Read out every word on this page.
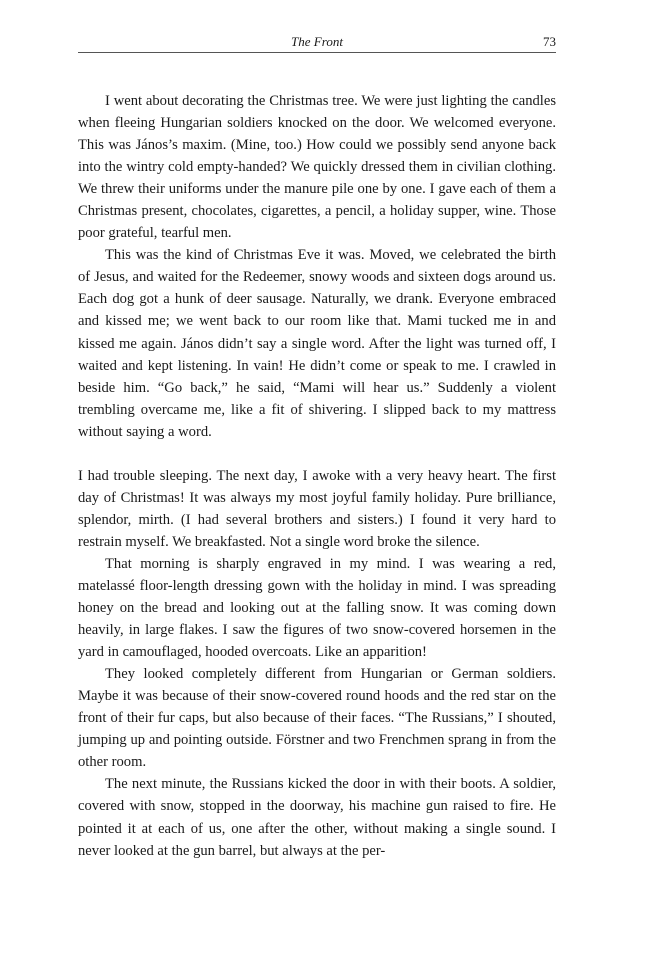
The Front	73

I went about decorating the Christmas tree. We were just lighting the candles when fleeing Hungarian soldiers knocked on the door. We welcomed everyone. This was János’s maxim. (Mine, too.) How could we possibly send anyone back into the wintry cold empty-handed? We quickly dressed them in civilian clothing. We threw their uniforms under the manure pile one by one. I gave each of them a Christmas present, chocolates, cigarettes, a pencil, a holiday supper, wine. Those poor grateful, tearful men.

This was the kind of Christmas Eve it was. Moved, we celebrated the birth of Jesus, and waited for the Redeemer, snowy woods and sixteen dogs around us. Each dog got a hunk of deer sausage. Naturally, we drank. Everyone embraced and kissed me; we went back to our room like that. Mami tucked me in and kissed me again. János didn’t say a single word. After the light was turned off, I waited and kept listening. In vain! He didn’t come or speak to me. I crawled in beside him. “Go back,” he said, “Mami will hear us.” Suddenly a violent trembling overcame me, like a fit of shivering. I slipped back to my mattress without saying a word.

I had trouble sleeping. The next day, I awoke with a very heavy heart. The first day of Christmas! It was always my most joyful family holiday. Pure brilliance, splendor, mirth. (I had several brothers and sisters.) I found it very hard to restrain myself. We breakfasted. Not a single word broke the silence.

That morning is sharply engraved in my mind. I was wearing a red, matelassé floor-length dressing gown with the holiday in mind. I was spreading honey on the bread and looking out at the falling snow. It was coming down heavily, in large flakes. I saw the figures of two snow-covered horsemen in the yard in camouflaged, hooded overcoats. Like an apparition!

They looked completely different from Hungarian or German soldiers. Maybe it was because of their snow-covered round hoods and the red star on the front of their fur caps, but also because of their faces. “The Russians,” I shouted, jumping up and pointing outside. Förstner and two Frenchmen sprang in from the other room.

The next minute, the Russians kicked the door in with their boots. A soldier, covered with snow, stopped in the doorway, his machine gun raised to fire. He pointed it at each of us, one after the other, without making a single sound. I never looked at the gun barrel, but always at the per-
